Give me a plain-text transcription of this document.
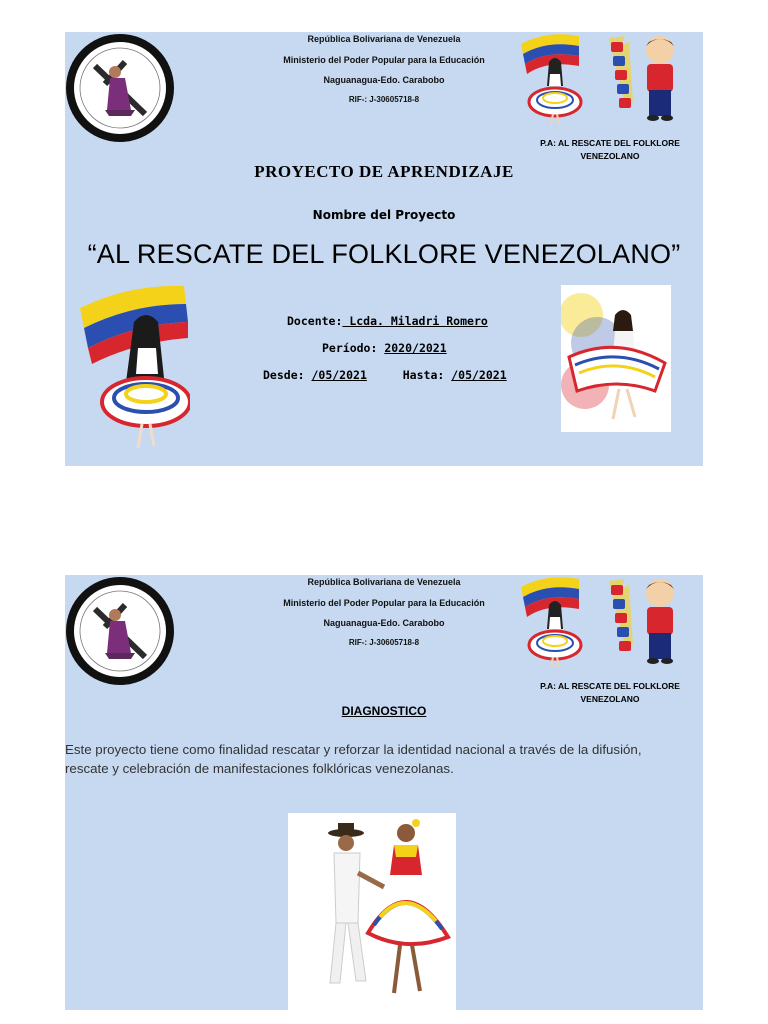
República Bolivariana de Venezuela
Ministerio del Poder Popular para la Educación
Naguanagua-Edo. Carabobo
RIF-: J-30605718-8
P.A: AL RESCATE DEL FOLKLORE
VENEZOLANO
PROYECTO DE APRENDIZAJE
Nombre del Proyecto
“AL RESCATE DEL FOLKLORE VENEZOLANO”
Docente: Lcda. Miladri Romero
Período: 2020/2021
Desde: /05/2021	Hasta: /05/2021
República Bolivariana de Venezuela
Ministerio del Poder Popular para la Educación
Naguanagua-Edo. Carabobo
RIF-: J-30605718-8
P.A: AL RESCATE DEL FOLKLORE
VENEZOLANO
DIAGNOSTICO
Este proyecto tiene como finalidad rescatar y reforzar la identidad nacional a través de la difusión,
rescate y celebración de manifestaciones folklóricas venezolanas.
